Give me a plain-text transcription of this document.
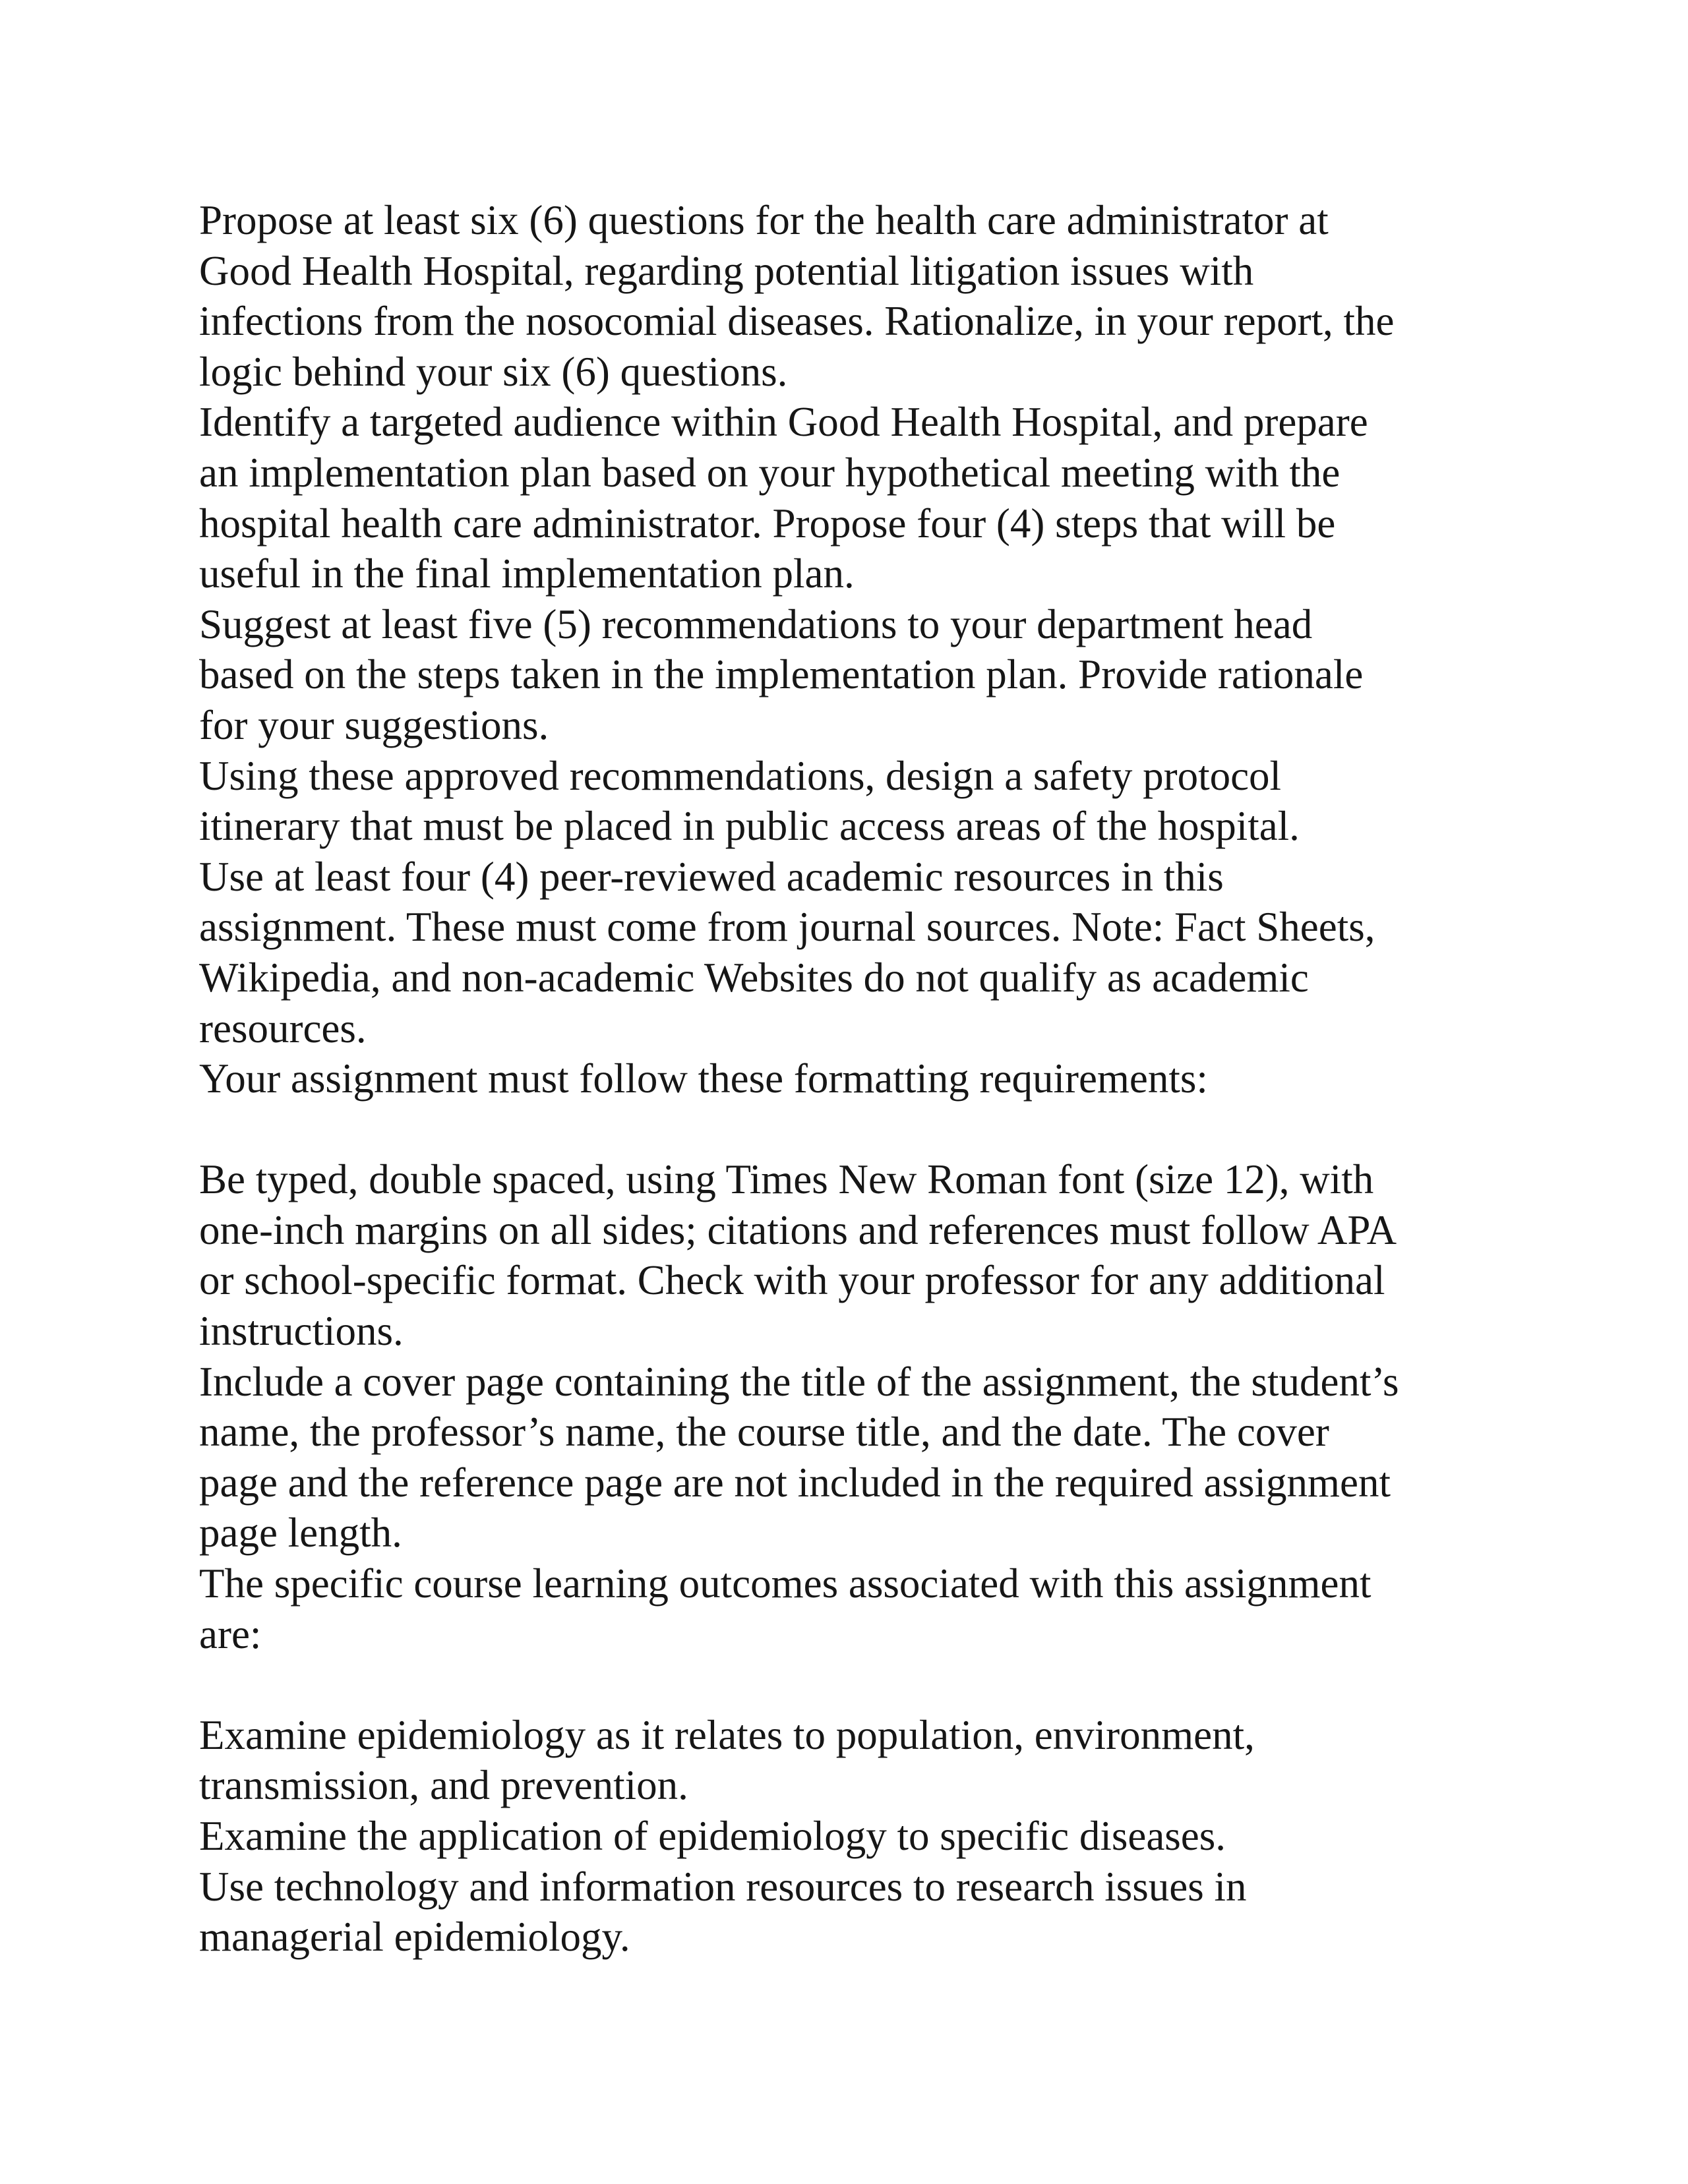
Propose at least six (6) questions for the health care administrator at
Good Health Hospital, regarding potential litigation issues with
infections from the nosocomial diseases. Rationalize, in your report, the
logic behind your six (6) questions.
Identify a targeted audience within Good Health Hospital, and prepare
an implementation plan based on your hypothetical meeting with the
hospital health care administrator. Propose four (4) steps that will be
useful in the final implementation plan.
Suggest at least five (5) recommendations to your department head
based on the steps taken in the implementation plan. Provide rationale
for your suggestions.
Using these approved recommendations, design a safety protocol
itinerary that must be placed in public access areas of the hospital.
Use at least four (4) peer-reviewed academic resources in this
assignment. These must come from journal sources. Note: Fact Sheets,
Wikipedia, and non-academic Websites do not qualify as academic
resources.
Your assignment must follow these formatting requirements:
Be typed, double spaced, using Times New Roman font (size 12), with
one-inch margins on all sides; citations and references must follow APA
or school-specific format. Check with your professor for any additional
instructions.
Include a cover page containing the title of the assignment, the student’s
name, the professor’s name, the course title, and the date. The cover
page and the reference page are not included in the required assignment
page length.
The specific course learning outcomes associated with this assignment
are:
Examine epidemiology as it relates to population, environment,
transmission, and prevention.
Examine the application of epidemiology to specific diseases.
Use technology and information resources to research issues in
managerial epidemiology.
